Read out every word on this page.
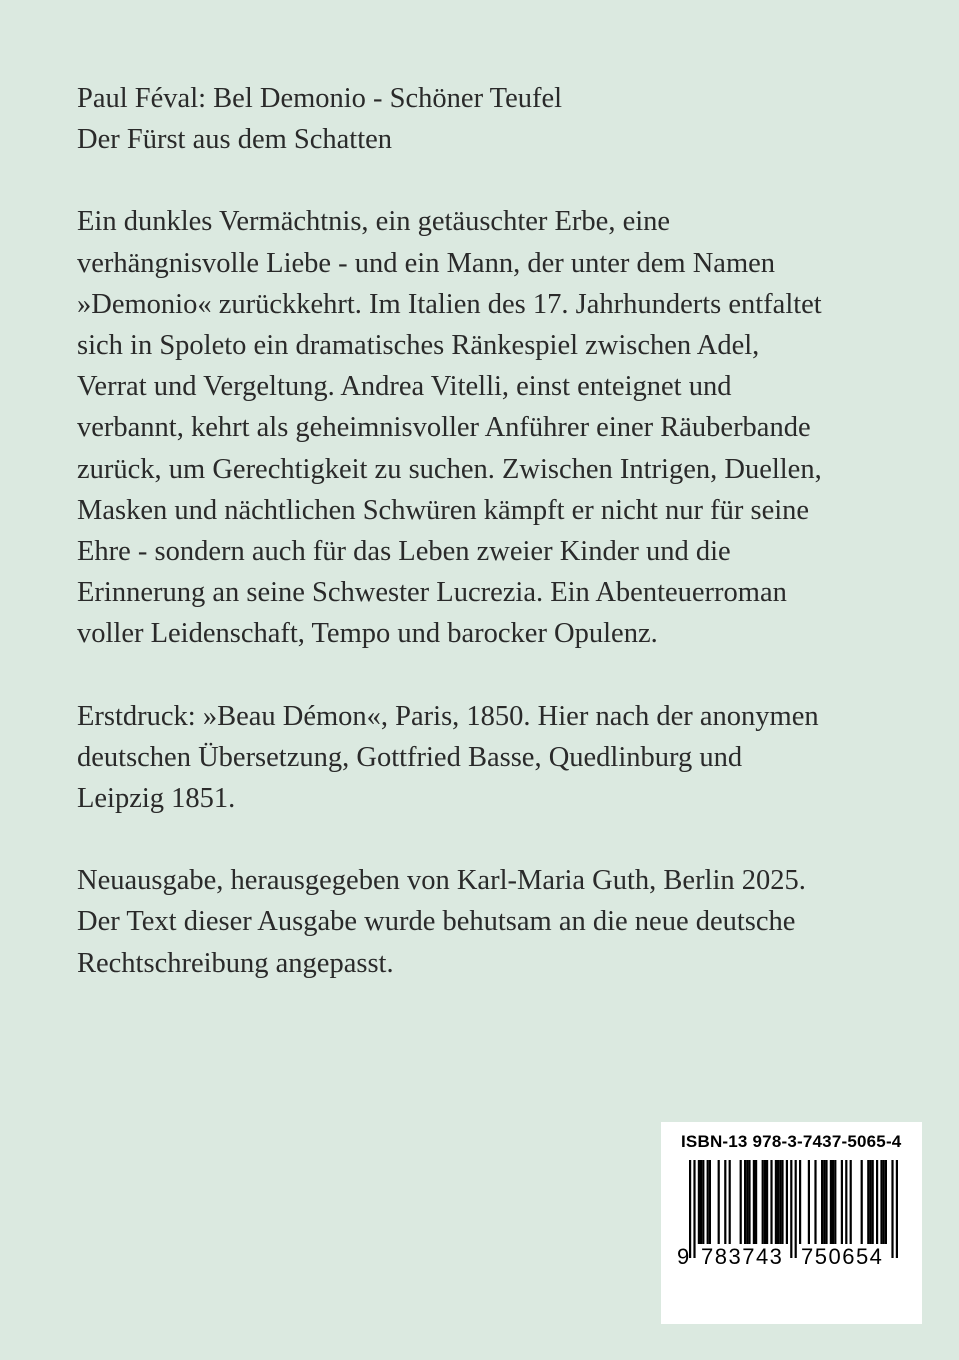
Paul Féval: Bel Demonio - Schöner Teufel

Der Fürst aus dem Schatten

Ein dunkles Vermächtnis, ein getäuschter Erbe, eine

verhängnisvolle Liebe - und ein Mann, der unter dem Namen

»Demonio« zurückkehrt. Im Italien des 17. Jahrhunderts entfaltet

sich in Spoleto ein dramatisches Ränkespiel zwischen Adel,

Verrat und Vergeltung. Andrea Vitelli, einst enteignet und

verbannt, kehrt als geheimnisvoller Anführer einer Räuberbande

zurück, um Gerechtigkeit zu suchen. Zwischen Intrigen, Duellen,

Masken und nächtlichen Schwüren kämpft er nicht nur für seine

Ehre - sondern auch für das Leben zweier Kinder und die

Erinnerung an seine Schwester Lucrezia. Ein Abenteuerroman

voller Leidenschaft, Tempo und barocker Opulenz.

Erstdruck: »Beau Démon«, Paris, 1850. Hier nach der anonymen

deutschen Übersetzung, Gottfried Basse, Quedlinburg und

Leipzig 1851.

Neuausgabe, herausgegeben von Karl-Maria Guth, Berlin 2025.

Der Text dieser Ausgabe wurde behutsam an die neue deutsche

Rechtschreibung angepasst.

ISBN-13 978-3-7437-5065-4
9 783743 750654
